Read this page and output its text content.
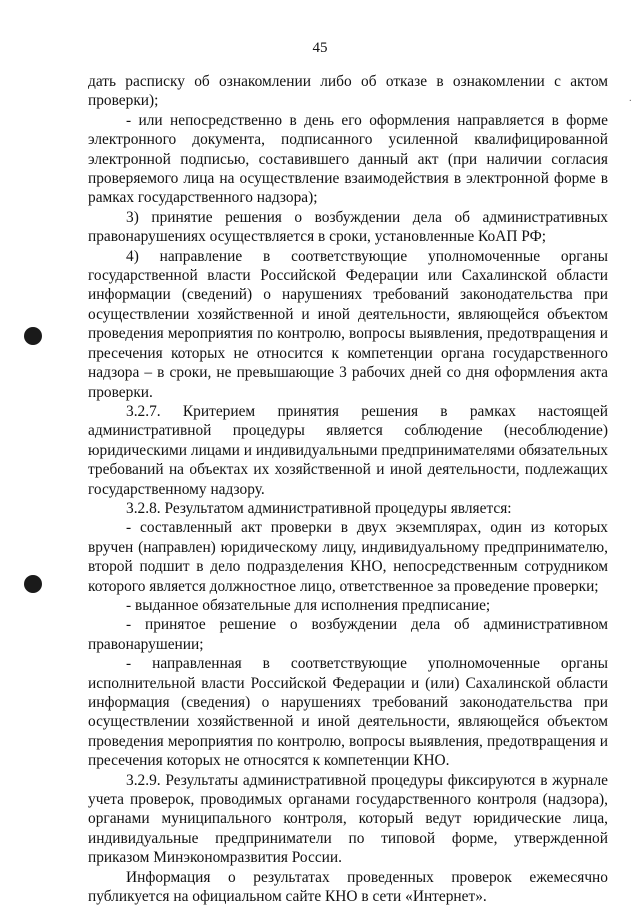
45
·

дать расписку об ознакомлении либо об отказе в ознакомлении с актом проверки);

- или непосредственно в день его оформления направляется в форме электронного документа, подписанного усиленной квалифицированной электронной подписью, составившего данный акт (при наличии согласия проверяемого лица на осуществление взаимодействия в электронной форме в рамках государственного надзора);

3) принятие решения о возбуждении дела об административных правонарушениях осуществляется в сроки, установленные КоАП РФ;

4) направление в соответствующие уполномоченные органы государственной власти Российской Федерации или Сахалинской области информации (сведений) о нарушениях требований законодательства при осуществлении хозяйственной и иной деятельности, являющейся объектом проведения мероприятия по контролю, вопросы выявления, предотвращения и пресечения которых не относится к компетенции органа государственного надзора – в сроки, не превышающие 3 рабочих дней со дня оформления акта проверки.

3.2.7. Критерием принятия решения в рамках настоящей административной процедуры является соблюдение (несоблюдение) юридическими лицами и индивидуальными предпринимателями обязательных требований на объектах их хозяйственной и иной деятельности, подлежащих государственному надзору.

3.2.8. Результатом административной процедуры является:

- составленный акт проверки в двух экземплярах, один из которых вручен (направлен) юридическому лицу, индивидуальному предпринимателю, второй подшит в дело подразделения КНО, непосредственным сотрудником которого является должностное лицо, ответственное за проведение проверки;

- выданное обязательные для исполнения предписание;

- принятое решение о возбуждении дела об административном правонарушении;

- направленная в соответствующие уполномоченные органы исполнительной власти Российской Федерации и (или) Сахалинской области информация (сведения) о нарушениях требований законодательства при осуществлении хозяйственной и иной деятельности, являющейся объектом проведения мероприятия по контролю, вопросы выявления, предотвращения и пресечения которых не относятся к компетенции КНО.

3.2.9. Результаты административной процедуры фиксируются в журнале учета проверок, проводимых органами государственного контроля (надзора), органами муниципального контроля, который ведут юридические лица, индивидуальные предприниматели по типовой форме, утвержденной приказом Минэкономразвития России.

Информация о результатах проведенных проверок ежемесячно публикуется на официальном сайте КНО в сети «Интернет».
